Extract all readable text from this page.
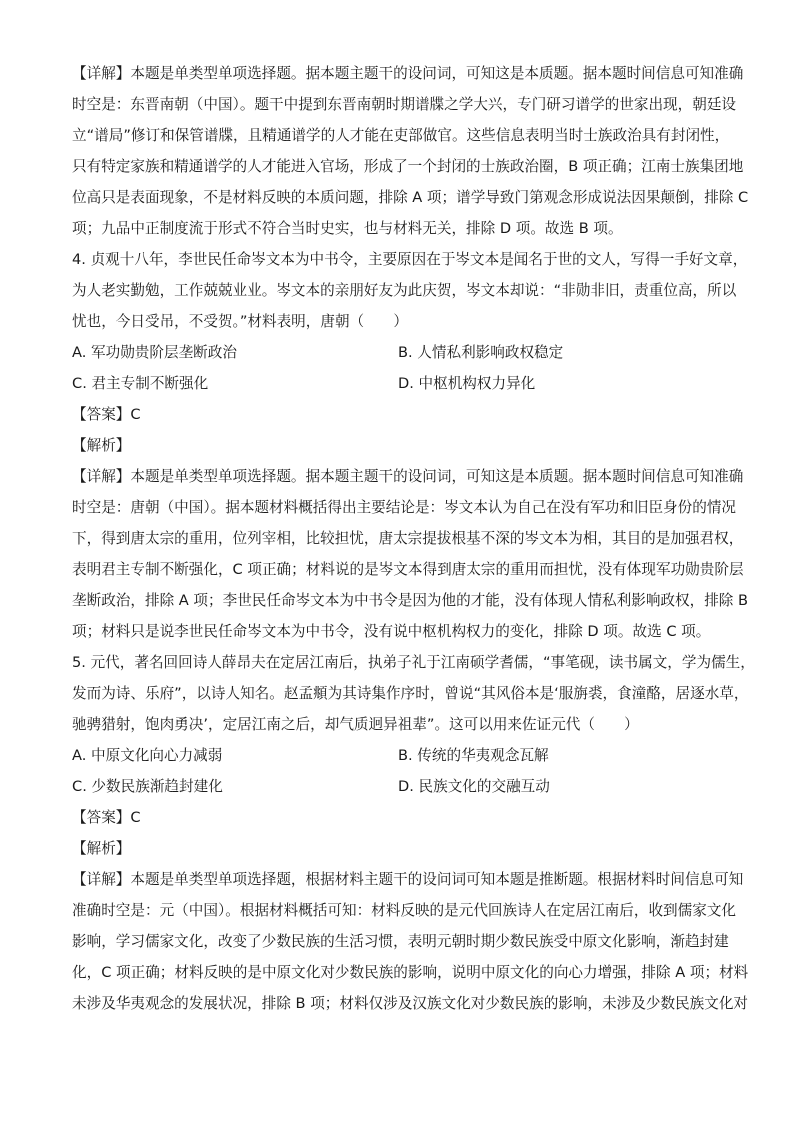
【详解】本题是单类型单项选择题。据本题主题干的设问词，可知这是本质题。据本题时间信息可知准确
时空是：东晋南朝（中国）。题干中提到东晋南朝时期谱牒之学大兴，专门研习谱学的世家出现，朝廷设
立“谱局”修订和保管谱牒，且精通谱学的人才能在吏部做官。这些信息表明当时士族政治具有封闭性，
只有特定家族和精通谱学的人才能进入官场，形成了一个封闭的士族政治圈，B 项正确；江南士族集团地
位高只是表面现象，不是材料反映的本质问题，排除 A 项；谱学导致门第观念形成说法因果颠倒，排除 C
项；九品中正制度流于形式不符合当时史实，也与材料无关，排除 D 项。故选 B 项。
4. 贞观十八年，李世民任命岑文本为中书令，主要原因在于岑文本是闻名于世的文人，写得一手好文章，
为人老实勤勉，工作兢兢业业。岑文本的亲朋好友为此庆贺，岑文本却说：“非勋非旧，责重位高，所以
忧也，今日受吊，不受贺。”材料表明，唐朝（　　）
A. 军功勋贵阶层垄断政治	B. 人情私利影响政权稳定
C. 君主专制不断强化	D. 中枢机构权力异化
【答案】C
【解析】
【详解】本题是单类型单项选择题。据本题主题干的设问词，可知这是本质题。据本题时间信息可知准确
时空是：唐朝（中国）。据本题材料概括得出主要结论是：岑文本认为自己在没有军功和旧臣身份的情况
下，得到唐太宗的重用，位列宰相，比较担忧，唐太宗提拔根基不深的岑文本为相，其目的是加强君权，
表明君主专制不断强化，C 项正确；材料说的是岑文本得到唐太宗的重用而担忧，没有体现军功勋贵阶层
垄断政治，排除 A 项；李世民任命岑文本为中书令是因为他的才能，没有体现人情私利影响政权，排除 B
项；材料只是说李世民任命岑文本为中书令，没有说中枢机构权力的变化，排除 D 项。故选 C 项。
5. 元代，著名回回诗人薛昂夫在定居江南后，执弟子礼于江南硕学耆儒，“事笔砚，读书属文，学为儒生，
发而为诗、乐府”，以诗人知名。赵孟頫为其诗集作序时，曾说“其风俗本是‘服旃裘，食潼酪，居逐水草，
驰骋猎射，饱肉勇决’，定居江南之后，却气质迥异祖辈”。这可以用来佐证元代（　　）
A. 中原文化向心力减弱	B. 传统的华夷观念瓦解
C. 少数民族渐趋封建化	D. 民族文化的交融互动
【答案】C
【解析】
【详解】本题是单类型单项选择题，根据材料主题干的设问词可知本题是推断题。根据材料时间信息可知
准确时空是：元（中国）。根据材料概括可知：材料反映的是元代回族诗人在定居江南后，收到儒家文化
影响，学习儒家文化，改变了少数民族的生活习惯，表明元朝时期少数民族受中原文化影响，渐趋封建
化，C 项正确；材料反映的是中原文化对少数民族的影响，说明中原文化的向心力增强，排除 A 项；材料
未涉及华夷观念的发展状况，排除 B 项；材料仅涉及汉族文化对少数民族的影响，未涉及少数民族文化对
